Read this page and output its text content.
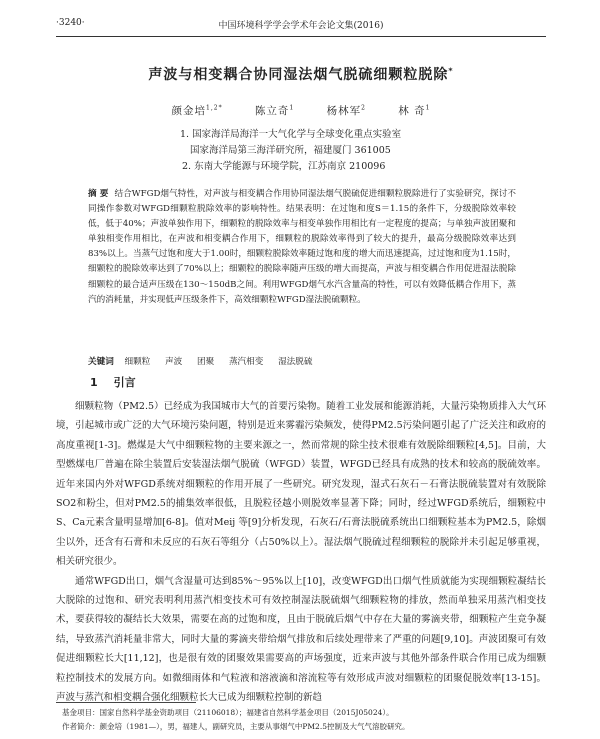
·3240·	中国环境科学学会学术年会论文集(2016)
声波与相变耦合协同湿法烟气脱硫细颗粒脱除*
颜金培$^{1,2*}$	陈立奇$^1$	杨林军$^2$	林 奇$^1$
1. 国家海洋局海洋一大气化学与全球变化重点实验室
国家海洋局第三海洋研究所，福建厦门 361005
2. 东南大学能源与环境学院，江苏南京 210096
摘 要 结合WFGD烟气特性，对声波与相变耦合作用协同湿法烟气脱硫促进细颗粒脱除进行了实验研究，探讨不同操作参数对WFGD细颗粒脱除效率的影响特性。结果表明：在过饱和度S＝1.15的条件下，分级脱除效率较低，低于40%；声波单独作用下，细颗粒的脱除效率与相变单独作用相比有一定程度的提高；与单独声波团聚和单独相变作用相比，在声波和相变耦合作用下，细颗粒的脱除效率得到了较大的提升，最高分级脱除效率达到83%以上。当蒸气过饱和度大于1.00时，细颗粒脱除效率随过饱和度的增大而迅速提高，过过饱和度为1.15时，细颗粒的脱除效率达到了70%以上；细颗粒的脱除率随声压级的增大而提高，声波与相变耦合作用促进湿法脱除细颗粒的最合适声压级在130～150dB之间。利用WFGD烟气水汽含量高的特性，可以有效降低耦合作用下，蒸汽的消耗量，并实现低声压级条件下，高效细颗粒WFGD湿法脱硫颗粒。
关键词 细颗粒 声波 团聚 蒸汽相变 湿法脱硫
1 引言

细颗粒物（PM2.5）已经成为我国城市大气的首要污染物。随着工业发展和能源消耗，大量污染物质排入大气环境，引起城市或广泛的大气环境污染问题，特别是近来雾霾污染频发，使得PM2.5污染问题引起了广泛关注和政府的高度重视[1-3]。燃煤是大气中细颗粒物的主要来源之一，然而常规的除尘技术很难有效脱除细颗粒[4,5]。目前，大型燃煤电厂普遍在除尘装置后安装湿法烟气脱硫（WFGD）装置，WFGD已经具有成熟的技术和较高的脱硫效率。近年来国内外对WFGD系统对细颗粒的作用开展了一些研究。研究发现，湿式石灰石－石膏法脱硫装置对有效脱除SO2和粉尘，但对PM2.5的捕集效率很低，且脱粒径越小则脱效率显著下降；同时，经过WFGD系统后，细颗粒中S、Ca元素含量明显增加[6-8]。值对Meij 等[9]分析发现，石灰石/石膏法脱硫系统出口细颗粒基本为PM2.5，除烟尘以外，还含有石膏和未反应的石灰石等组分（占50%以上）。湿法烟气脱硫过程细颗粒的脱除并未引起足够重视，相关研究很少。

通常WFGD出口，烟气含湿量可达到85%～95%以上[10]，改变WFGD出口烟气性质就能为实现细颗粒凝结长大脱除的过饱和、研究表明利用蒸汽相变技术可有效控制湿法脱硫烟气细颗粒物的排放，然而单独采用蒸汽相变技术，要获得较的凝结长大效果，需要在高的过饱和度，且由于脱硫后烟气中存在大量的雾滴夹带，细颗粒产生竞争凝结，导致蒸汽消耗量非常大，同时大量的雾滴夹带给烟气排放和后续处理带来了严重的问题[9,10]。声波团聚可有效促进细颗粒长大[11,12]，也是很有效的团聚效果需要高的声场强度，近来声波与其他外部条件联合作用已成为细颗粒控制技术的发展方向。如微细雨体和气粒液和溶液滴和溶流粒等有效形成声波对细颗粒的团聚促脱效率[13-15]。声波与蒸汽和相变耦合强化细颗粒长大已成为细颗粒控制的新趋

基金项目：国家自然科学基金资助项目（21106018）；福建省自然科学基金项目（2015J05024）。
作者简介：颜金培（1981—），男，福建人，副研究员，主要从事烟气中PM2.5控制及大气气溶胶研究。
